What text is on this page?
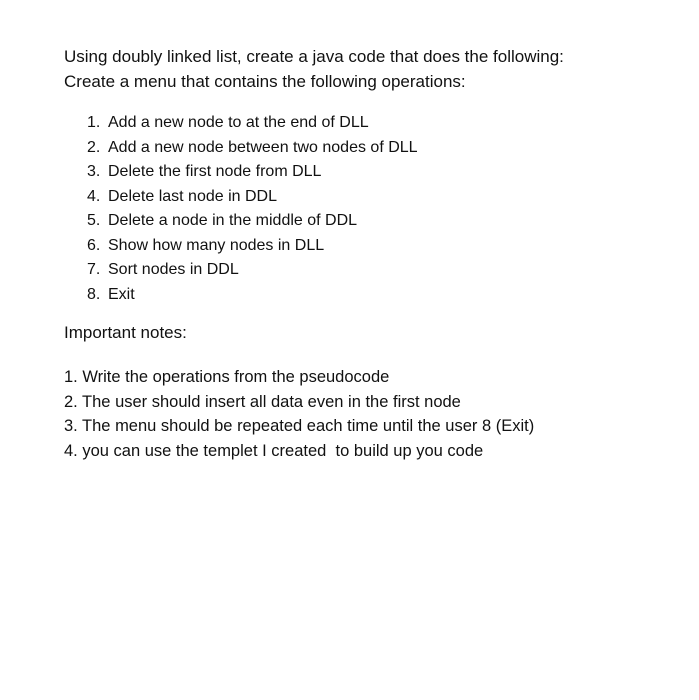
Using doubly linked list, create a java code that does the following:
Create a menu that contains the following operations:
1. Add a new node to at the end of DLL
2. Add a new node between two nodes of DLL
3. Delete the first node from DLL
4. Delete last node in DDL
5. Delete a node in the middle of DDL
6. Show how many nodes in DLL
7. Sort nodes in DDL
8. Exit
Important notes:
1. Write the operations from the pseudocode
2. The user should insert all data even in the first node
3. The menu should be repeated each time until the user 8 (Exit)
4. you can use the templet I created  to build up you code
